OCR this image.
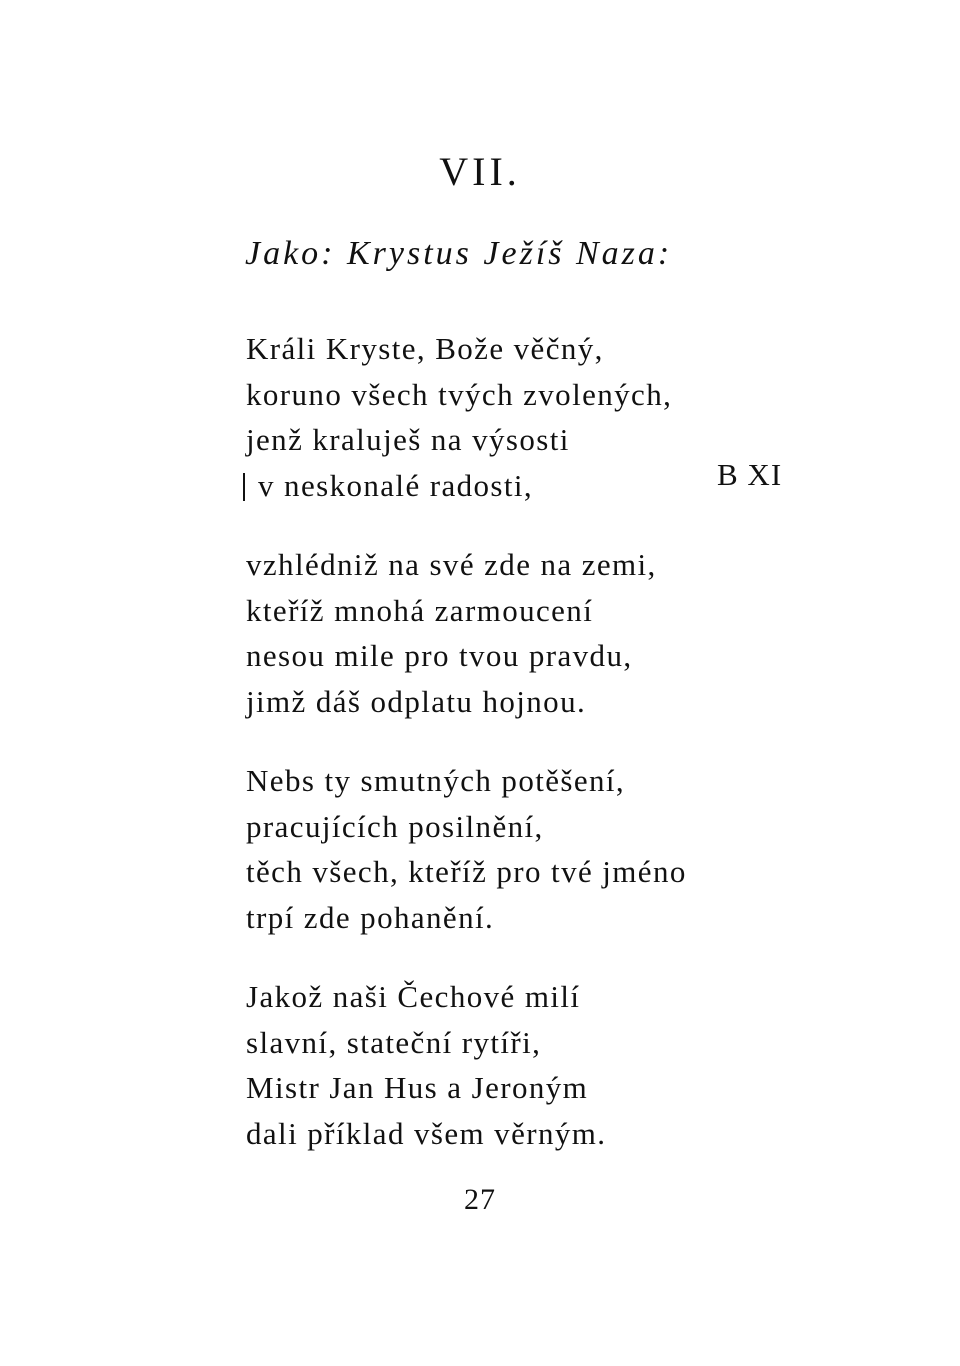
VII.
Jako: Krystus Ježíš Naza:
Králi Kryste, Bože věčný,
koruno všech tvých zvolených,
jenž kraluješ na výsosti
v neskonalé radosti,	B XI
vzhlédniž na své zde na zemi,
kteříž mnohá zarmoucení
nesou mile pro tvou pravdu,
jimž dáš odplatu hojnou.
Nebs ty smutných potěšení,
pracujících posilnění,
těch všech, kteříž pro tvé jméno
trpí zde pohanění.
Jakož naši Čechové milí
slavní, stateční rytíři,
Mistr Jan Hus a Jeroným
dali příklad všem věrným.
27
